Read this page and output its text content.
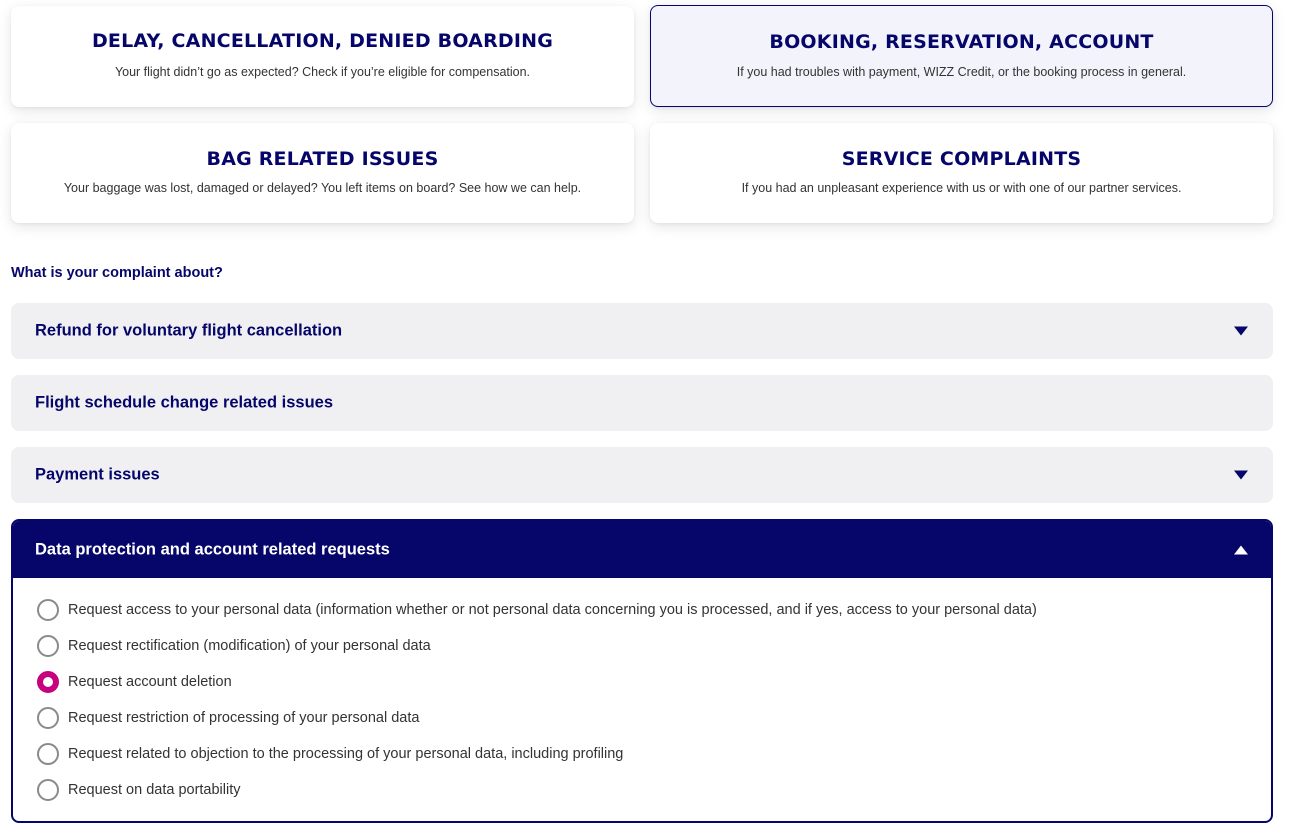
DELAY, CANCELLATION, DENIED BOARDING
Your flight didn’t go as expected? Check if you’re eligible for compensation.
BOOKING, RESERVATION, ACCOUNT
If you had troubles with payment, WIZZ Credit, or the booking process in general.
BAG RELATED ISSUES
Your baggage was lost, damaged or delayed? You left items on board? See how we can help.
SERVICE COMPLAINTS
If you had an unpleasant experience with us or with one of our partner services.
What is your complaint about?
Refund for voluntary flight cancellation
Flight schedule change related issues
Payment issues
Data protection and account related requests
Request access to your personal data (information whether or not personal data concerning you is processed, and if yes, access to your personal data)
Request rectification (modification) of your personal data
Request account deletion
Request restriction of processing of your personal data
Request related to objection to the processing of your personal data, including profiling
Request on data portability
